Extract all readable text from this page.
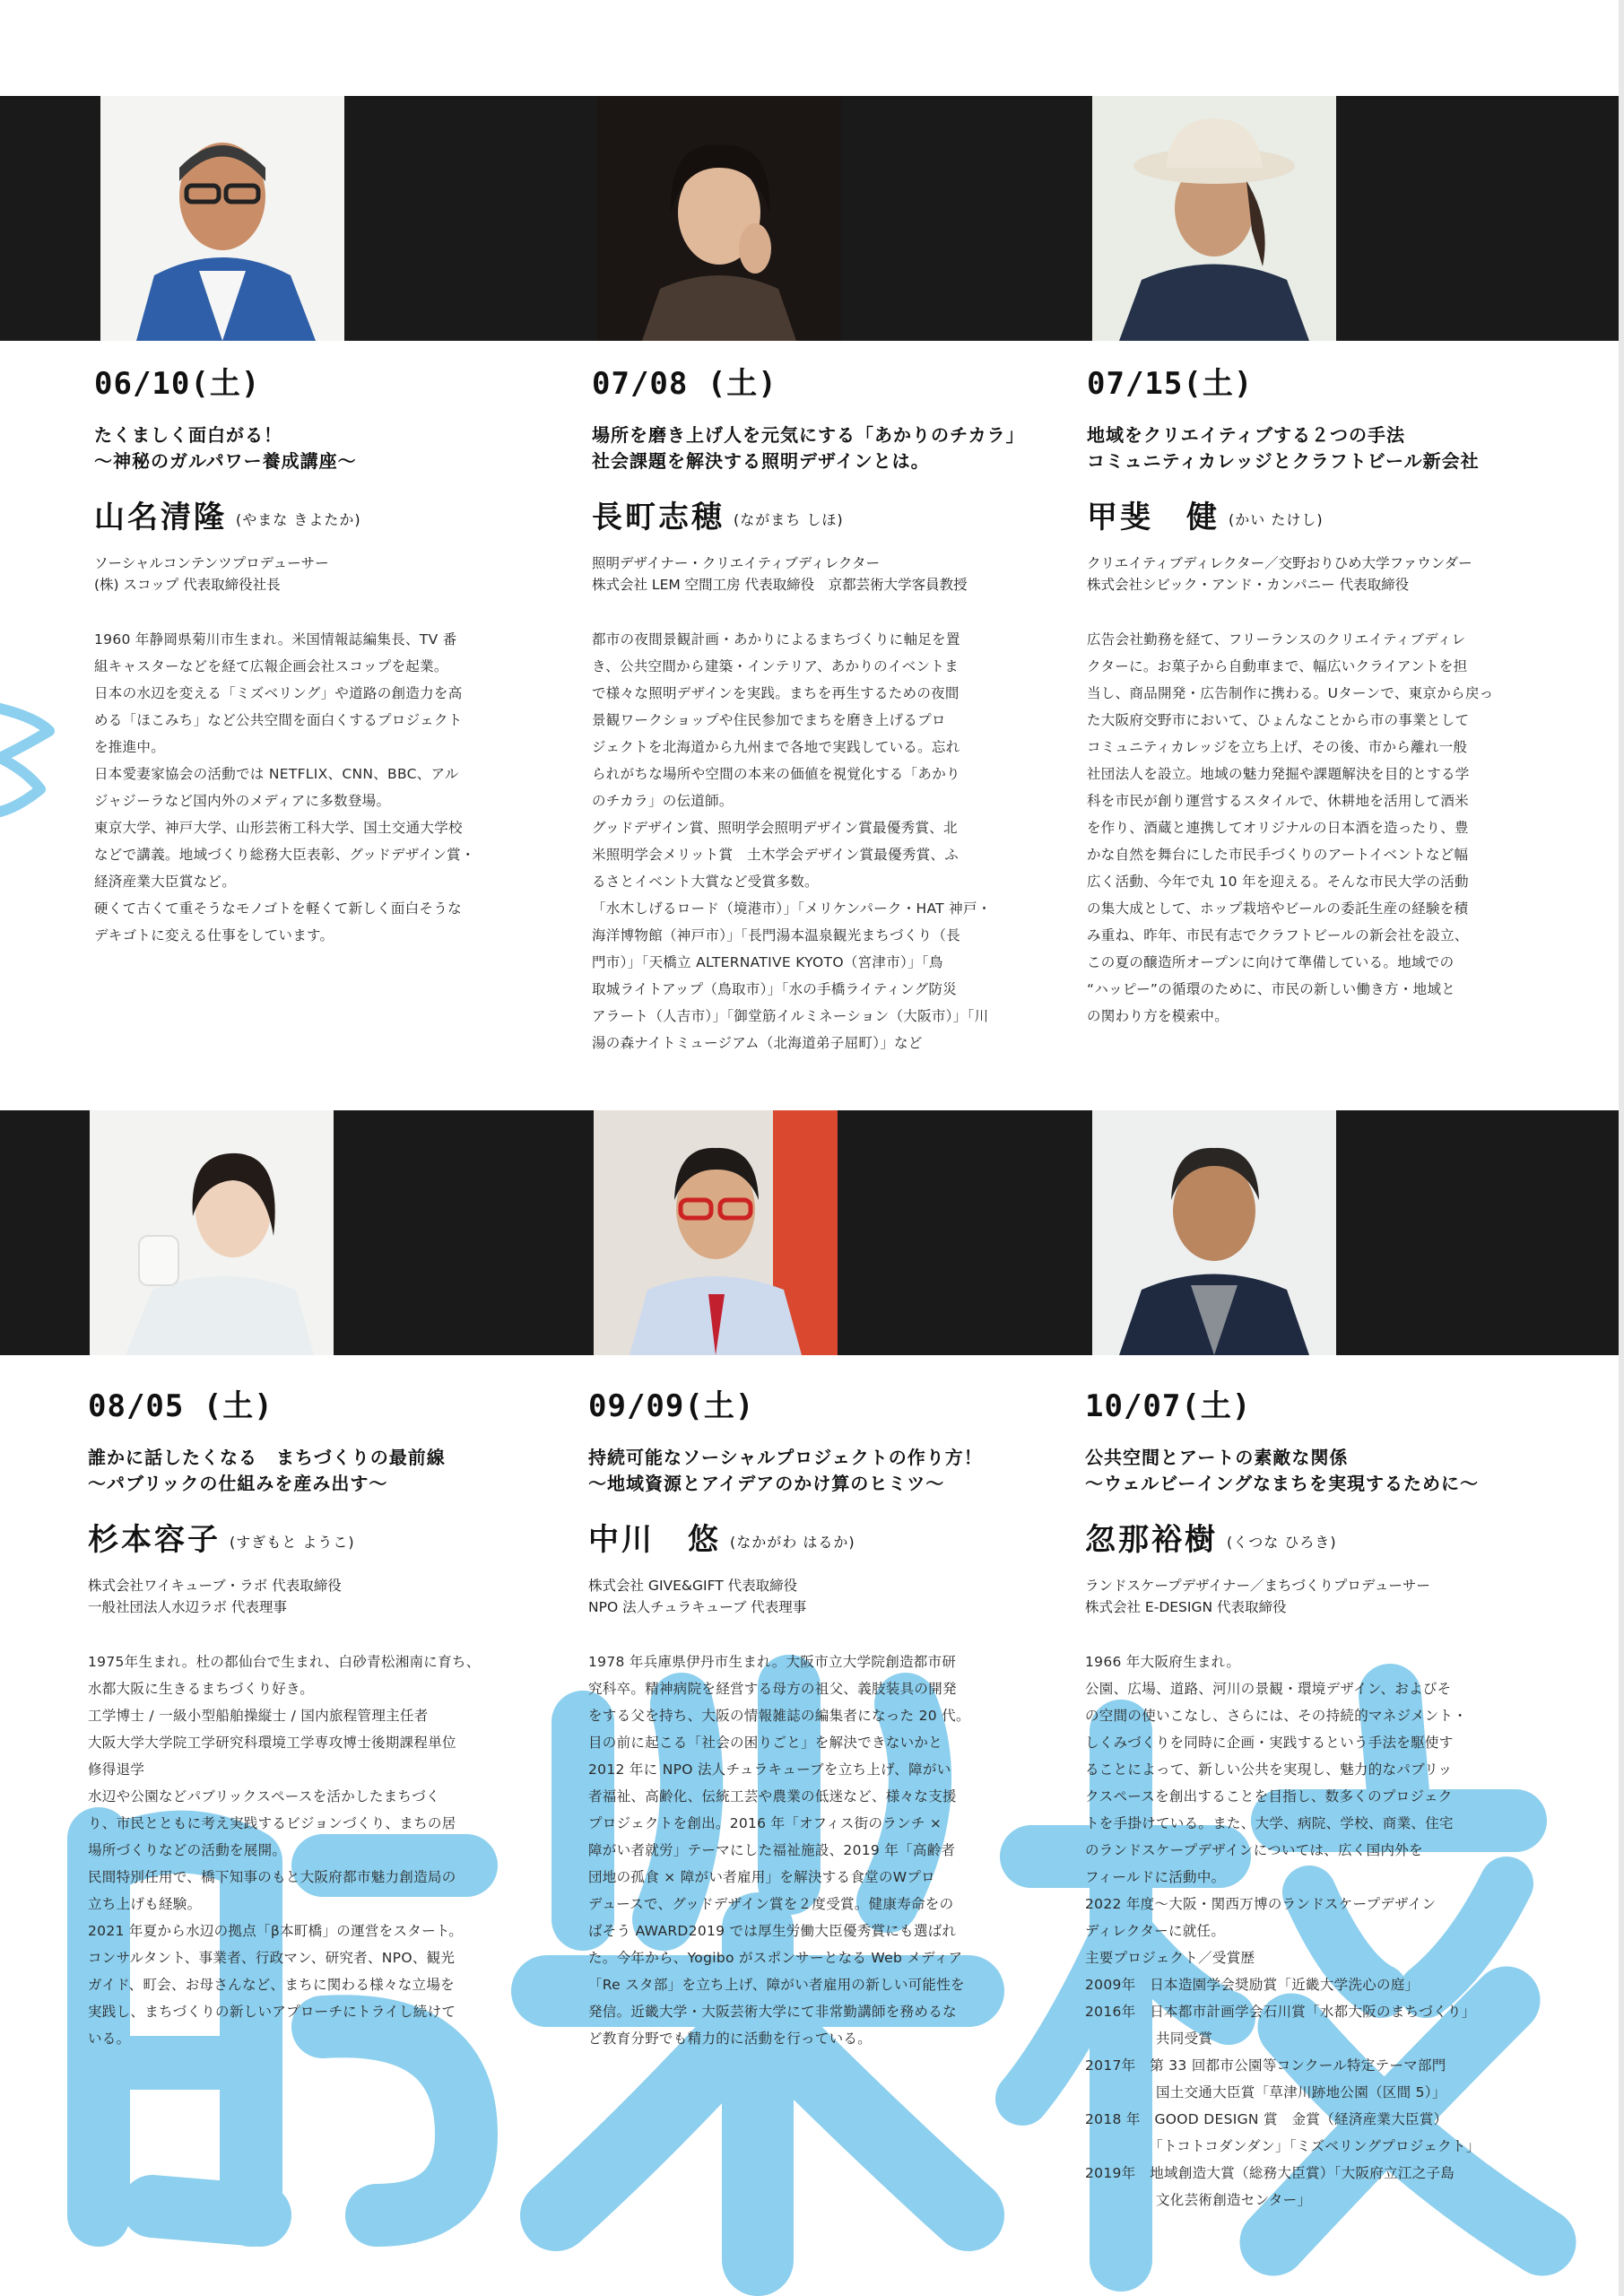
06/10(土)
たくましく面白がる！
〜神秘のガルパワー養成講座〜
山名清隆 (やまな きよたか)
ソーシャルコンテンツプロデューサー
(株) スコップ 代表取締役社長

1960 年静岡県菊川市生まれ。米国情報誌編集長、TV 番

組キャスターなどを経て広報企画会社スコップを起業。

日本の水辺を変える「ミズベリング」や道路の創造力を高

める「ほこみち」など公共空間を面白くするプロジェクト

を推進中。

日本愛妻家協会の活動では NETFLIX、CNN、BBC、アル

ジャジーラなど国内外のメディアに多数登場。

東京大学、神戸大学、山形芸術工科大学、国土交通大学校

などで講義。地域づくり総務大臣表彰、グッドデザイン賞・

経済産業大臣賞など。

硬くて古くて重そうなモノゴトを軽くて新しく面白そうな

デキゴトに変える仕事をしています。

07/08 (土)
場所を磨き上げ人を元気にする「あかりのチカラ」
社会課題を解決する照明デザインとは。
長町志穂 (ながまち しほ)
照明デザイナー・クリエイティブディレクター
株式会社 LEM 空間工房 代表取締役　京都芸術大学客員教授

都市の夜間景観計画・あかりによるまちづくりに軸足を置

き、公共空間から建築・インテリア、あかりのイベントま

で様々な照明デザインを実践。まちを再生するための夜間

景観ワークショップや住民参加でまちを磨き上げるプロ

ジェクトを北海道から九州まで各地で実践している。忘れ

られがちな場所や空間の本来の価値を視覚化する「あかり

のチカラ」の伝道師。

グッドデザイン賞、照明学会照明デザイン賞最優秀賞、北

米照明学会メリット賞　土木学会デザイン賞最優秀賞、ふ

るさとイベント大賞など受賞多数。

「水木しげるロード（境港市）」「メリケンパーク・HAT 神戸・

海洋博物館（神戸市）」「長門湯本温泉観光まちづくり（長

門市）」「天橋立 ALTERNATIVE KYOTO（宮津市）」「鳥

取城ライトアップ（鳥取市）」「水の手橋ライティング防災

アラート（人吉市）」「御堂筋イルミネーション（大阪市）」「川

湯の森ナイトミュージアム（北海道弟子屈町）」など

07/15(土)
地域をクリエイティブする２つの手法
コミュニティカレッジとクラフトビール新会社
甲斐　健 (かい たけし)
クリエイティブディレクター／交野おりひめ大学ファウンダー
株式会社シビック・アンド・カンパニー 代表取締役

広告会社勤務を経て、フリーランスのクリエイティブディレ

クターに。お菓子から自動車まで、幅広いクライアントを担

当し、商品開発・広告制作に携わる。Uターンで、東京から戻っ

た大阪府交野市において、ひょんなことから市の事業として

コミュニティカレッジを立ち上げ、その後、市から離れ一般

社団法人を設立。地域の魅力発掘や課題解決を目的とする学

科を市民が創り運営するスタイルで、休耕地を活用して酒米

を作り、酒蔵と連携してオリジナルの日本酒を造ったり、豊

かな自然を舞台にした市民手づくりのアートイベントなど幅

広く活動、今年で丸 10 年を迎える。そんな市民大学の活動

の集大成として、ホップ栽培やビールの委託生産の経験を積

み重ね、昨年、市民有志でクラフトビールの新会社を設立、

この夏の醸造所オープンに向けて準備している。地域での

“ハッピー”の循環のために、市民の新しい働き方・地域と

の関わり方を模索中。

08/05 (土)
誰かに話したくなる　まちづくりの最前線
〜パブリックの仕組みを産み出す〜
杉本容子 (すぎもと ようこ)
株式会社ワイキューブ・ラボ 代表取締役
一般社団法人水辺ラボ 代表理事

1975年生まれ。杜の都仙台で生まれ、白砂青松湘南に育ち、

水都大阪に生きるまちづくり好き。

工学博士 / 一級小型船舶操縦士 / 国内旅程管理主任者

大阪大学大学院工学研究科環境工学専攻博士後期課程単位

修得退学

水辺や公園などパブリックスペースを活かしたまちづく

り、市民とともに考え実践するビジョンづくり、まちの居

場所づくりなどの活動を展開。

民間特別任用で、橋下知事のもと大阪府都市魅力創造局の

立ち上げも経験。

2021 年夏から水辺の拠点「β本町橋」の運営をスタート。

コンサルタント、事業者、行政マン、研究者、NPO、観光

ガイド、町会、お母さんなど、まちに関わる様々な立場を

実践し、まちづくりの新しいアプローチにトライし続けて

いる。

09/09(土)
持続可能なソーシャルプロジェクトの作り方！
〜地域資源とアイデアのかけ算のヒミツ〜
中川　悠 (なかがわ はるか)
株式会社 GIVE&GIFT 代表取締役
NPO 法人チュラキューブ 代表理事

1978 年兵庫県伊丹市生まれ。大阪市立大学院創造都市研

究科卒。精神病院を経営する母方の祖父、義肢装具の開発

をする父を持ち、大阪の情報雑誌の編集者になった 20 代。

目の前に起こる「社会の困りごと」を解決できないかと

2012 年に NPO 法人チュラキューブを立ち上げ、障がい

者福祉、高齢化、伝統工芸や農業の低迷など、様々な支援

プロジェクトを創出。2016 年「オフィス街のランチ ×

障がい者就労」テーマにした福祉施設、2019 年「高齢者

団地の孤食 × 障がい者雇用」を解決する食堂のWプロ

デュースで、グッドデザイン賞を２度受賞。健康寿命をの

ばそう AWARD2019 では厚生労働大臣優秀賞にも選ばれ

た。今年から、Yogibo がスポンサーとなる Web メディア

「Re スタ部」を立ち上げ、障がい者雇用の新しい可能性を

発信。近畿大学・大阪芸術大学にて非常勤講師を務めるな

ど教育分野でも精力的に活動を行っている。

10/07(土)
公共空間とアートの素敵な関係
〜ウェルビーイングなまちを実現するために〜
忽那裕樹 (くつな ひろき)
ランドスケープデザイナー／まちづくりプロデューサー
株式会社 E-DESIGN 代表取締役

1966 年大阪府生まれ。

公園、広場、道路、河川の景観・環境デザイン、およびそ

の空間の使いこなし、さらには、その持続的マネジメント・

しくみづくりを同時に企画・実践するという手法を駆使す

ることによって、新しい公共を実現し、魅力的なパブリッ

クスペースを創出することを目指し、数多くのプロジェク

トを手掛けている。また、大学、病院、学校、商業、住宅

のランドスケープデザインについては、広く国内外を

フィールドに活動中。

2022 年度〜大阪・関西万博のランドスケープデザイン

ディレクターに就任。

主要プロジェクト／受賞歴

2009年　日本造園学会奨励賞「近畿大学洗心の庭」

2016年　日本都市計画学会石川賞「水都大阪のまちづくり」

　　　　　共同受賞

2017年　第 33 回都市公園等コンクール特定テーマ部門

　　　　　国土交通大臣賞「草津川跡地公園（区間 5）」

2018 年　GOOD DESIGN 賞　金賞（経済産業大臣賞）

　　　　　「トコトコダンダン」「ミズベリングプロジェクト」

2019年　地域創造大賞（総務大臣賞）「大阪府立江之子島

　　　　　文化芸術創造センター」
